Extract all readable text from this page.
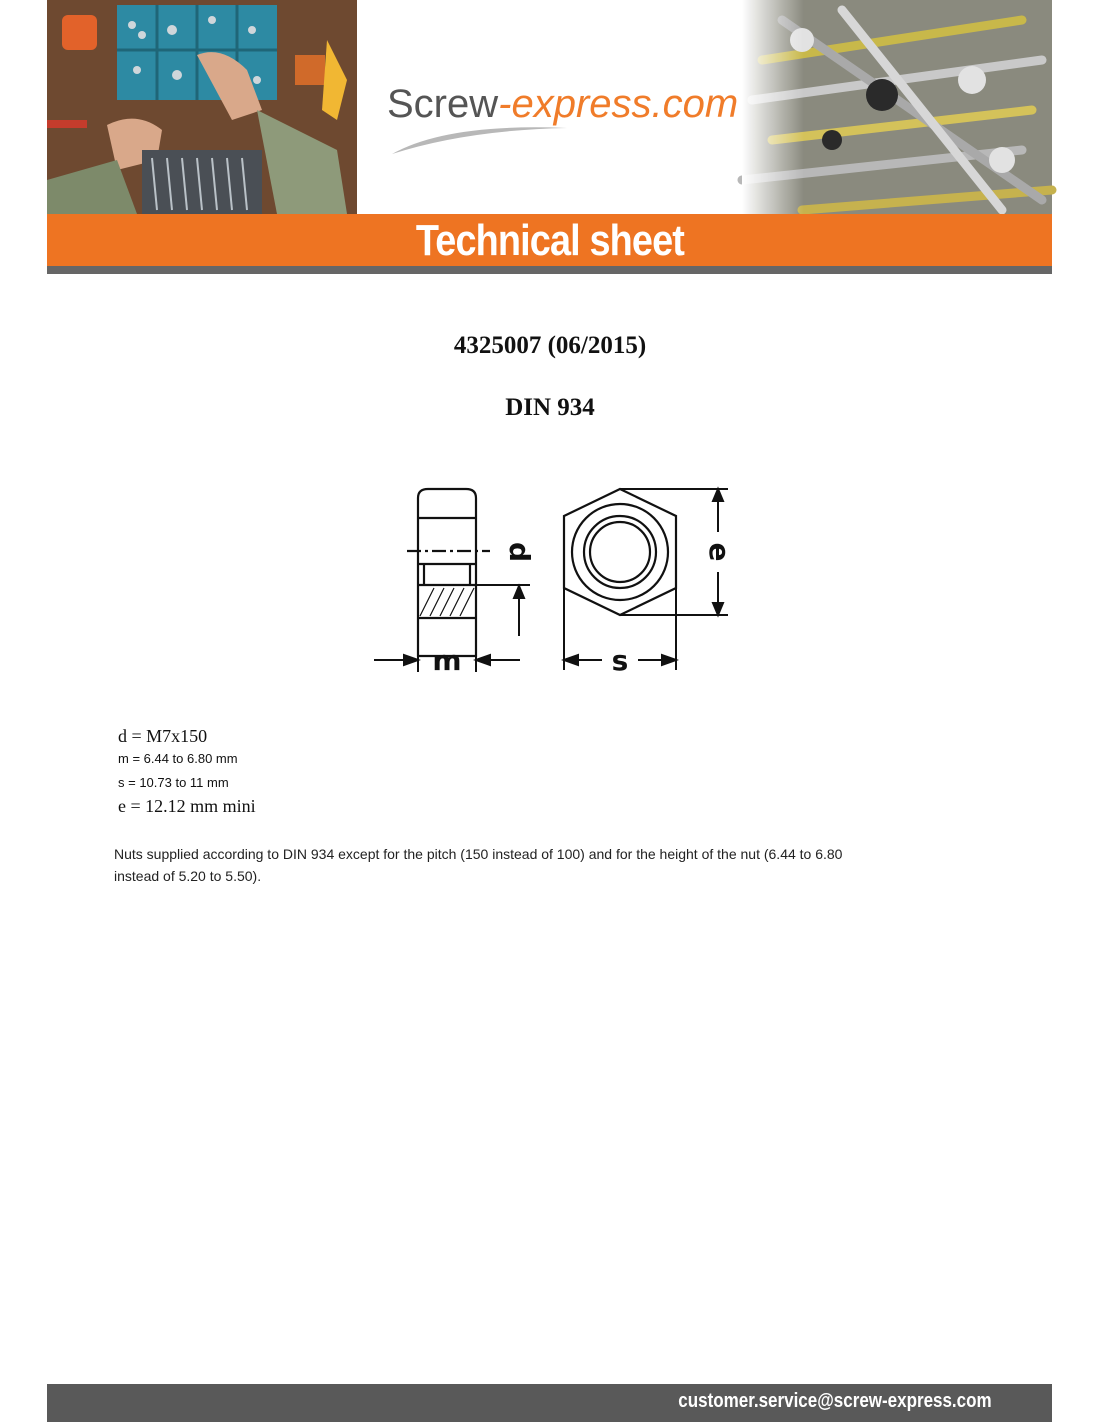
Screw-express.com
Technical sheet
4325007 (06/2015)
DIN 934
d	e
m	s
d = M7x150
m = 6.44 to 6.80 mm
s = 10.73 to 11 mm
e = 12.12 mm mini
Nuts supplied according to DIN 934 except for the pitch (150 instead of 100) and for the height of the nut (6.44 to 6.80
instead of 5.20 to 5.50).
customer.service@screw-express.com
